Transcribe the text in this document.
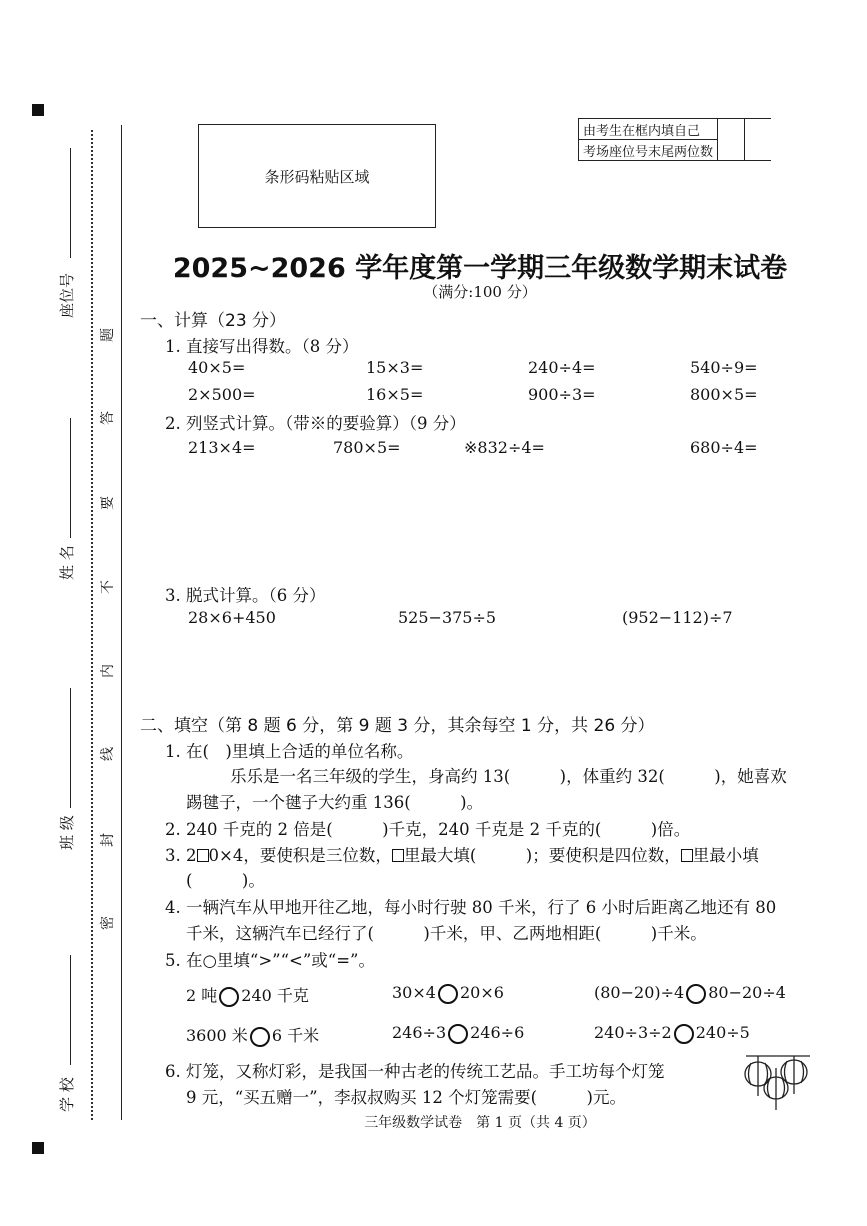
座位号
姓 名
班 级
学 校
题
答
要
不
内
线
封
密
条形码粘贴区域
由考生在框内填自己		
考场座位号末尾两位数
2025~2026 学年度第一学期三年级数学期末试卷
（满分:100 分）
一、计算（23 分）
1. 直接写出得数。（8 分）
40×5=	15×3=	240÷4=	540÷9=
2×500=	16×5=	900÷3=	800×5=
2. 列竖式计算。（带※的要验算）（9 分）
213×4=	780×5=	※832÷4=	680÷4=
3. 脱式计算。（6 分）
28×6+450	525−375÷5	(952−112)÷7
二、填空（第 8 题 6 分，第 9 题 3 分，其余每空 1 分，共 26 分）
1. 在(　)里填上合适的单位名称。
乐乐是一名三年级的学生，身高约 13(　　　)，体重约 32(　　　)，她喜欢
踢毽子，一个毽子大约重 136(　　　)。
2. 240 千克的 2 倍是(　　　)千克，240 千克是 2 千克的(　　　)倍。
3. 2 0×4，要使积是三位数， 里最大填(　　　)；要使积是四位数， 里最小填
(　　　)。
4. 一辆汽车从甲地开往乙地，每小时行驶 80 千米，行了 6 小时后距离乙地还有 80
千米，这辆汽车已经行了(　　　)千米，甲、乙两地相距(　　　)千米。
5. 在○里填“>”“<”或“=”。
2 吨 240 千克	30×4 20×6	(80−20)÷4 80−20÷4
3600 米 6 千米	246÷3 246÷6	240÷3÷2 240÷5
6. 灯笼，又称灯彩，是我国一种古老的传统工艺品。手工坊每个灯笼
9 元，“买五赠一”，李叔叔购买 12 个灯笼需要(　　　)元。
三年级数学试卷　第 1 页（共 4 页）
